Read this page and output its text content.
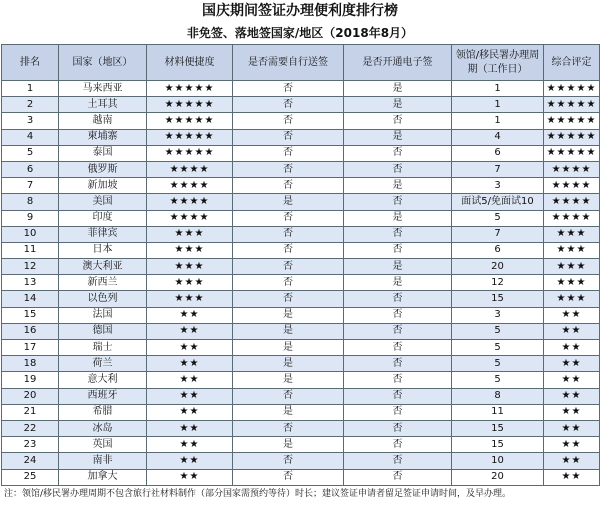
国庆期间签证办理便利度排行榜
非免签、落地签国家/地区（2018年8月）
排名	国家（地区）	材料便捷度	是否需要自行送签	是否开通电子签	领馆/移民署办理周期（工作日）	综合评定
1	马来西亚	★★★★★	否	是	1	★★★★★
2	土耳其	★★★★★	否	是	1	★★★★★
3	越南	★★★★★	否	否	1	★★★★★
4	柬埔寨	★★★★★	否	是	4	★★★★★
5	泰国	★★★★★	否	否	6	★★★★★
6	俄罗斯	★★★★	否	否	7	★★★★
7	新加坡	★★★★	否	是	3	★★★★
8	美国	★★★★	是	否	面试5/免面试10	★★★★
9	印度	★★★★	否	是	5	★★★★
10	菲律宾	★★★	否	否	7	★★★
11	日本	★★★	否	否	6	★★★
12	澳大利亚	★★★	否	是	20	★★★
13	新西兰	★★★	否	是	12	★★★
14	以色列	★★★	否	否	15	★★★
15	法国	★★	是	否	3	★★
16	德国	★★	是	否	5	★★
17	瑞士	★★	是	否	5	★★
18	荷兰	★★	是	否	5	★★
19	意大利	★★	是	否	5	★★
20	西班牙	★★	否	否	8	★★
21	希腊	★★	是	否	11	★★
22	冰岛	★★	否	否	15	★★
23	英国	★★	是	否	15	★★
24	南非	★★	否	否	10	★★
25	加拿大	★★	否	否	20	★★
注：领馆/移民署办理周期不包含旅行社材料制作（部分国家需预约等待）时长；建议签证申请者留足签证申请时间，及早办理。
